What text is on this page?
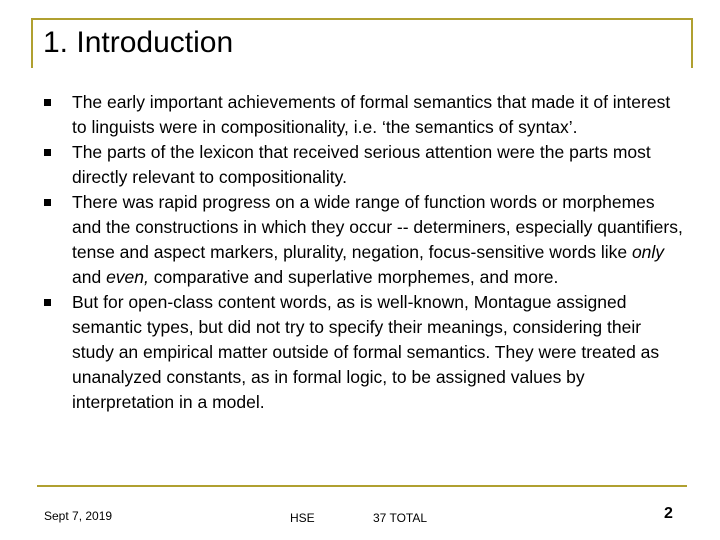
1. Introduction
The early important achievements of formal semantics that made it of interest to linguists were in compositionality, i.e. ‘the semantics of syntax’.
The parts of the lexicon that received serious attention were the parts most directly relevant to compositionality.
There was rapid progress on a wide range of function words or morphemes and the constructions in which they occur -- determiners, especially quantifiers, tense and aspect markers, plurality, negation, focus-sensitive words like only and even, comparative and superlative morphemes, and more.
But for open-class content words, as is well-known, Montague assigned semantic types, but did not try to specify their meanings, considering their study an empirical matter outside of formal semantics. They were treated as unanalyzed constants, as in formal logic, to be assigned values by interpretation in a model.
Sept 7, 2019	HSE	37 TOTAL	2
